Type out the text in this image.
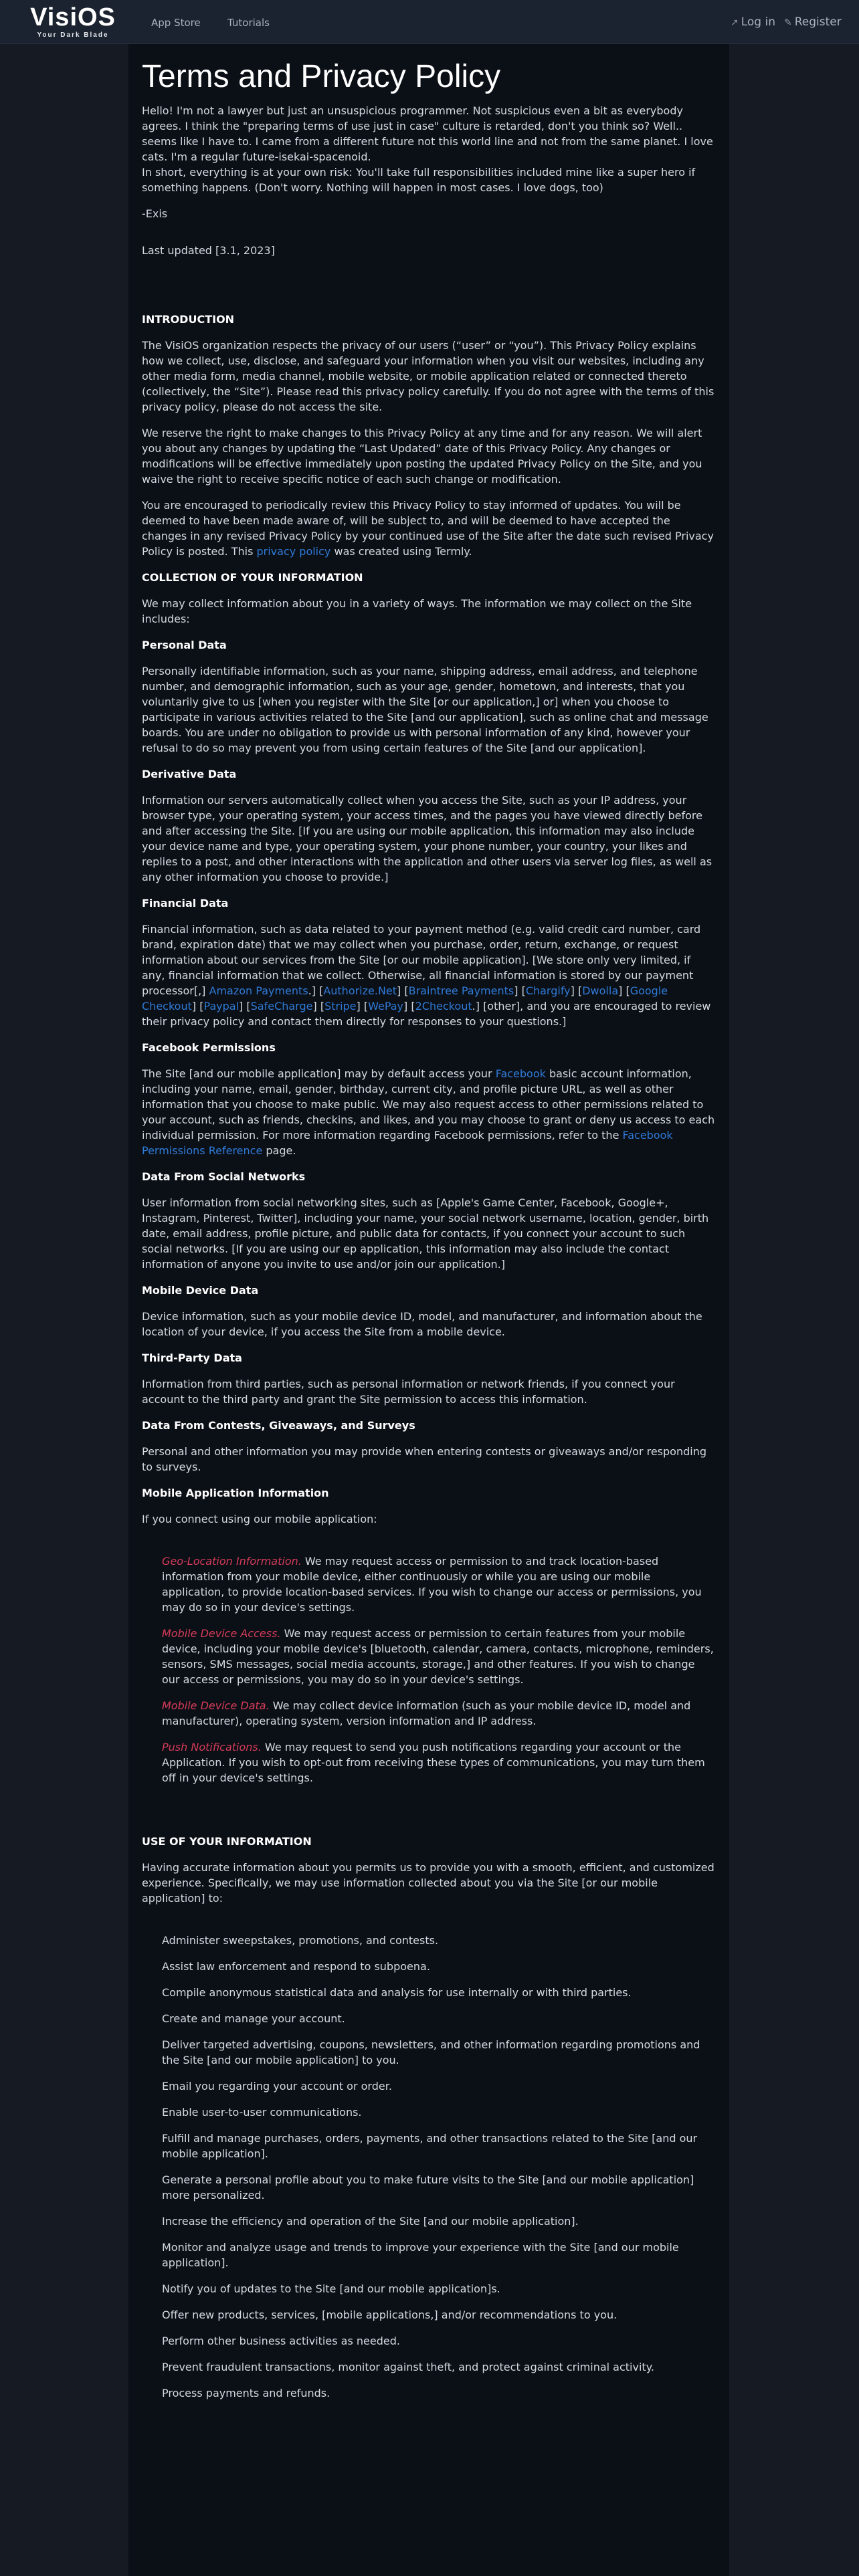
VisiOS
Your Dark Blade
App Store	Tutorials	↗ Log in ✎ Register
Terms and Privacy Policy

Hello! I'm not a lawyer but just an unsuspicious programmer. Not suspicious even a bit as everybody agrees. I think the "preparing terms of use just in case" culture is retarded, don't you think so? Well.. seems like I have to. I came from a different future not this world line and not from the same planet. I love cats. I'm a regular future-isekai-spacenoid.

In short, everything is at your own risk: You'll take full responsibilities included mine like a super hero if something happens. (Don't worry. Nothing will happen in most cases. I love dogs, too)

-Exis

Last updated [3.1, 2023]

INTRODUCTION

The VisiOS organization respects the privacy of our users (“user” or “you”). This Privacy Policy explains how we collect, use, disclose, and safeguard your information when you visit our websites, including any other media form, media channel, mobile website, or mobile application related or connected thereto (collectively, the “Site”). Please read this privacy policy carefully. If you do not agree with the terms of this privacy policy, please do not access the site.

We reserve the right to make changes to this Privacy Policy at any time and for any reason. We will alert you about any changes by updating the “Last Updated” date of this Privacy Policy. Any changes or modifications will be effective immediately upon posting the updated Privacy Policy on the Site, and you waive the right to receive specific notice of each such change or modification.

You are encouraged to periodically review this Privacy Policy to stay informed of updates. You will be deemed to have been made aware of, will be subject to, and will be deemed to have accepted the changes in any revised Privacy Policy by your continued use of the Site after the date such revised Privacy Policy is posted. This privacy policy was created using Termly.

COLLECTION OF YOUR INFORMATION

We may collect information about you in a variety of ways. The information we may collect on the Site includes:

Personal Data

Personally identifiable information, such as your name, shipping address, email address, and telephone number, and demographic information, such as your age, gender, hometown, and interests, that you voluntarily give to us [when you register with the Site [or our application,] or] when you choose to participate in various activities related to the Site [and our application], such as online chat and message boards. You are under no obligation to provide us with personal information of any kind, however your refusal to do so may prevent you from using certain features of the Site [and our application].

Derivative Data

Information our servers automatically collect when you access the Site, such as your IP address, your browser type, your operating system, your access times, and the pages you have viewed directly before and after accessing the Site. [If you are using our mobile application, this information may also include your device name and type, your operating system, your phone number, your country, your likes and replies to a post, and other interactions with the application and other users via server log files, as well as any other information you choose to provide.]

Financial Data

Financial information, such as data related to your payment method (e.g. valid credit card number, card brand, expiration date) that we may collect when you purchase, order, return, exchange, or request information about our services from the Site [or our mobile application]. [We store only very limited, if any, financial information that we collect. Otherwise, all financial information is stored by our payment processor[,] Amazon Payments.] [Authorize.Net] [Braintree Payments] [Chargify] [Dwolla] [Google Checkout] [Paypal] [SafeCharge] [Stripe] [WePay] [2Checkout.] [other], and you are encouraged to review their privacy policy and contact them directly for responses to your questions.]

Facebook Permissions

The Site [and our mobile application] may by default access your Facebook basic account information, including your name, email, gender, birthday, current city, and profile picture URL, as well as other information that you choose to make public. We may also request access to other permissions related to your account, such as friends, checkins, and likes, and you may choose to grant or deny us access to each individual permission. For more information regarding Facebook permissions, refer to the Facebook Permissions Reference page.

Data From Social Networks

User information from social networking sites, such as [Apple's Game Center, Facebook, Google+, Instagram, Pinterest, Twitter], including your name, your social network username, location, gender, birth date, email address, profile picture, and public data for contacts, if you connect your account to such social networks. [If you are using our ep application, this information may also include the contact information of anyone you invite to use and/or join our application.]

Mobile Device Data

Device information, such as your mobile device ID, model, and manufacturer, and information about the location of your device, if you access the Site from a mobile device.

Third-Party Data

Information from third parties, such as personal information or network friends, if you connect your account to the third party and grant the Site permission to access this information.

Data From Contests, Giveaways, and Surveys

Personal and other information you may provide when entering contests or giveaways and/or responding to surveys.

Mobile Application Information

If you connect using our mobile application:

Geo-Location Information. We may request access or permission to and track location-based information from your mobile device, either continuously or while you are using our mobile application, to provide location-based services. If you wish to change our access or permissions, you may do so in your device's settings.
Mobile Device Access. We may request access or permission to certain features from your mobile device, including your mobile device's [bluetooth, calendar, camera, contacts, microphone, reminders, sensors, SMS messages, social media accounts, storage,] and other features. If you wish to change our access or permissions, you may do so in your device's settings.
Mobile Device Data. We may collect device information (such as your mobile device ID, model and manufacturer), operating system, version information and IP address.
Push Notifications. We may request to send you push notifications regarding your account or the Application. If you wish to opt-out from receiving these types of communications, you may turn them off in your device's settings.
USE OF YOUR INFORMATION

Having accurate information about you permits us to provide you with a smooth, efficient, and customized experience. Specifically, we may use information collected about you via the Site [or our mobile application] to:

Administer sweepstakes, promotions, and contests.
Assist law enforcement and respond to subpoena.
Compile anonymous statistical data and analysis for use internally or with third parties.
Create and manage your account.
Deliver targeted advertising, coupons, newsletters, and other information regarding promotions and the Site [and our mobile application] to you.
Email you regarding your account or order.
Enable user-to-user communications.
Fulfill and manage purchases, orders, payments, and other transactions related to the Site [and our mobile application].
Generate a personal profile about you to make future visits to the Site [and our mobile application] more personalized.
Increase the efficiency and operation of the Site [and our mobile application].
Monitor and analyze usage and trends to improve your experience with the Site [and our mobile application].
Notify you of updates to the Site [and our mobile application]s.
Offer new products, services, [mobile applications,] and/or recommendations to you.
Perform other business activities as needed.
Prevent fraudulent transactions, monitor against theft, and protect against criminal activity.
Process payments and refunds.
